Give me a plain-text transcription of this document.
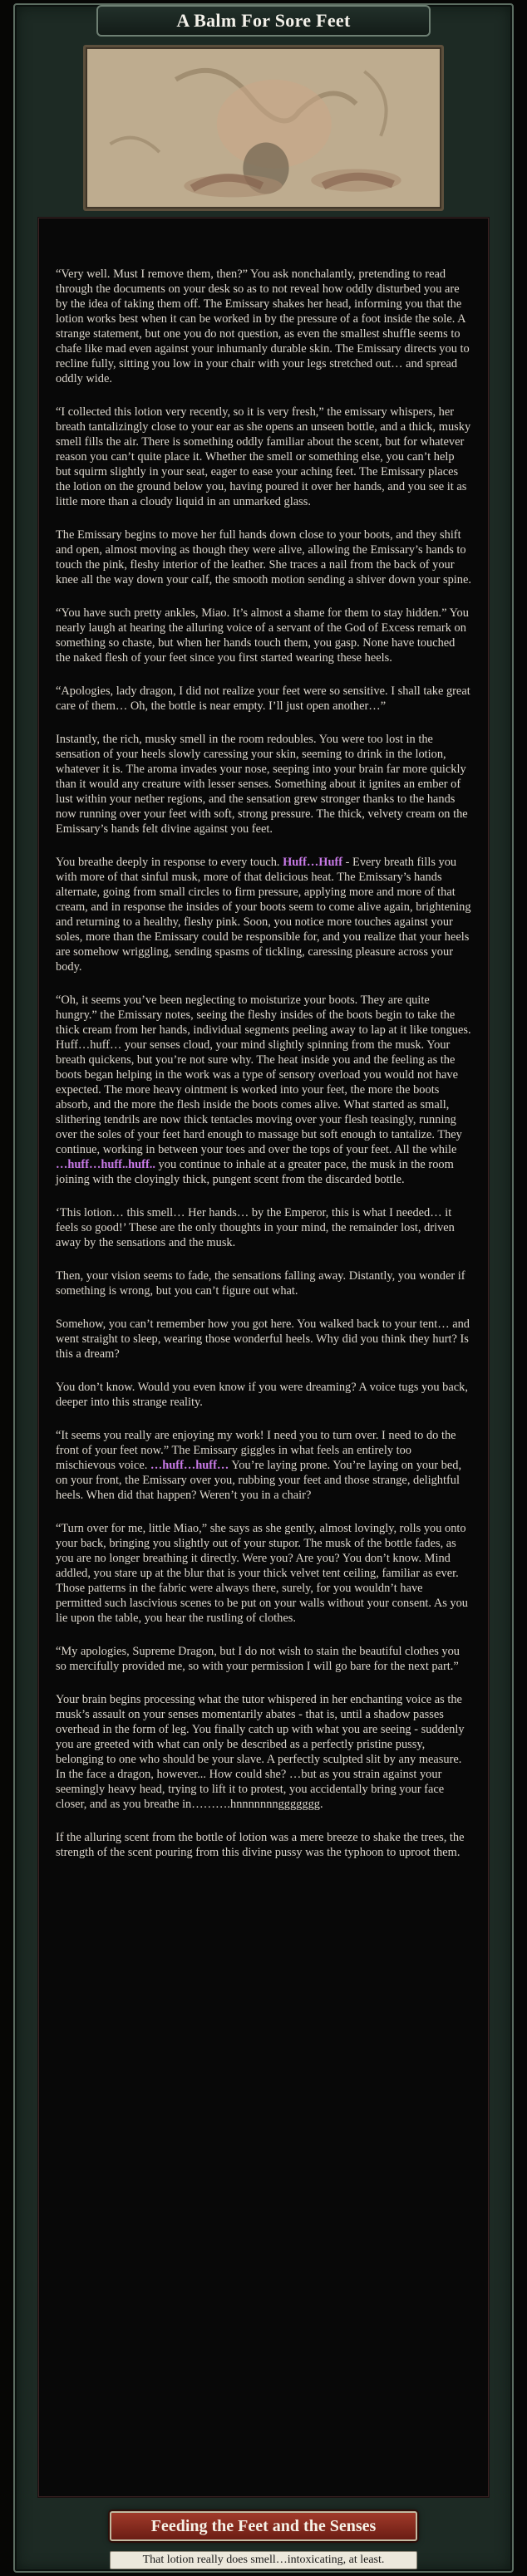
A Balm For Sore Feet

“Very well. Must I remove them, then?” You ask nonchalantly, pretending to read through the documents on your desk so as to not reveal how oddly disturbed you are by the idea of taking them off. The Emissary shakes her head, informing you that the lotion works best when it can be worked in by the pressure of a foot inside the sole. A strange statement, but one you do not question, as even the smallest shuffle seems to chafe like mad even against your inhumanly durable skin. The Emissary directs you to recline fully, sitting you low in your chair with your legs stretched out… and spread oddly wide.

“I collected this lotion very recently, so it is very fresh,” the emissary whispers, her breath tantalizingly close to your ear as she opens an unseen bottle, and a thick, musky smell fills the air. There is something oddly familiar about the scent, but for whatever reason you can’t quite place it. Whether the smell or something else, you can’t help but squirm slightly in your seat, eager to ease your aching feet. The Emissary places the lotion on the ground below you, having poured it over her hands, and you see it as little more than a cloudy liquid in an unmarked glass.

The Emissary begins to move her full hands down close to your boots, and they shift and open, almost moving as though they were alive, allowing the Emissary’s hands to touch the pink, fleshy interior of the leather. She traces a nail from the back of your knee all the way down your calf, the smooth motion sending a shiver down your spine.

“You have such pretty ankles, Miao. It’s almost a shame for them to stay hidden.” You nearly laugh at hearing the alluring voice of a servant of the God of Excess remark on something so chaste, but when her hands touch them, you gasp. None have touched the naked flesh of your feet since you first started wearing these heels.

“Apologies, lady dragon, I did not realize your feet were so sensitive. I shall take great care of them… Oh, the bottle is near empty. I’ll just open another…”

Instantly, the rich, musky smell in the room redoubles. You were too lost in the sensation of your heels slowly caressing your skin, seeming to drink in the lotion, whatever it is. The aroma invades your nose, seeping into your brain far more quickly than it would any creature with lesser senses. Something about it ignites an ember of lust within your nether regions, and the sensation grew stronger thanks to the hands now running over your feet with soft, strong pressure. The thick, velvety cream on the Emissary’s hands felt divine against you feet.

You breathe deeply in response to every touch. Huff…Huff - Every breath fills you with more of that sinful musk, more of that delicious heat. The Emissary’s hands alternate, going from small circles to firm pressure, applying more and more of that cream, and in response the insides of your boots seem to come alive again, brightening and returning to a healthy, fleshy pink. Soon, you notice more touches against your soles, more than the Emissary could be responsible for, and you realize that your heels are somehow wriggling, sending spasms of tickling, caressing pleasure across your body.

“Oh, it seems you’ve been neglecting to moisturize your boots. They are quite hungry.” the Emissary notes, seeing the fleshy insides of the boots begin to take the thick cream from her hands, individual segments peeling away to lap at it like tongues. Huff…huff… your senses cloud, your mind slightly spinning from the musk. Your breath quickens, but you’re not sure why. The heat inside you and the feeling as the boots began helping in the work was a type of sensory overload you would not have expected. The more heavy ointment is worked into your feet, the more the boots absorb, and the more the flesh inside the boots comes alive. What started as small, slithering tendrils are now thick tentacles moving over your flesh teasingly, running over the soles of your feet hard enough to massage but soft enough to tantalize. They continue, working in between your toes and over the tops of your feet. All the while …huff…huff..huff.. you continue to inhale at a greater pace, the musk in the room joining with the cloyingly thick, pungent scent from the discarded bottle.

‘This lotion… this smell… Her hands… by the Emperor, this is what I needed… it feels so good!’ These are the only thoughts in your mind, the remainder lost, driven away by the sensations and the musk.

Then, your vision seems to fade, the sensations falling away. Distantly, you wonder if something is wrong, but you can’t figure out what.

Somehow, you can’t remember how you got here. You walked back to your tent… and went straight to sleep, wearing those wonderful heels. Why did you think they hurt? Is this a dream?

You don’t know. Would you even know if you were dreaming? A voice tugs you back, deeper into this strange reality.

“It seems you really are enjoying my work! I need you to turn over. I need to do the front of your feet now.” The Emissary giggles in what feels an entirely too mischievous voice. …huff…huff… You’re laying prone. You’re laying on your bed, on your front, the Emissary over you, rubbing your feet and those strange, delightful heels. When did that happen? Weren’t you in a chair?

“Turn over for me, little Miao,” she says as she gently, almost lovingly, rolls you onto your back, bringing you slightly out of your stupor. The musk of the bottle fades, as you are no longer breathing it directly. Were you? Are you? You don’t know. Mind addled, you stare up at the blur that is your thick velvet tent ceiling, familiar as ever. Those patterns in the fabric were always there, surely, for you wouldn’t have permitted such lascivious scenes to be put on your walls without your consent. As you lie upon the table, you hear the rustling of clothes.

“My apologies, Supreme Dragon, but I do not wish to stain the beautiful clothes you so mercifully provided me, so with your permission I will go bare for the next part.”

Your brain begins processing what the tutor whispered in her enchanting voice as the musk’s assault on your senses momentarily abates - that is, until a shadow passes overhead in the form of leg. You finally catch up with what you are seeing - suddenly you are greeted with what can only be described as a perfectly pristine pussy, belonging to one who should be your slave. A perfectly sculpted slit by any measure. In the face a dragon, however... How could she? …but as you strain against your seemingly heavy head, trying to lift it to protest, you accidentally bring your face closer, and as you breathe in……….hnnnnnnnggggggg.

If the alluring scent from the bottle of lotion was a mere breeze to shake the trees, the strength of the scent pouring from this divine pussy was the typhoon to uproot them.

Feeding the Feet and the Senses
That lotion really does smell…intoxicating, at least.
